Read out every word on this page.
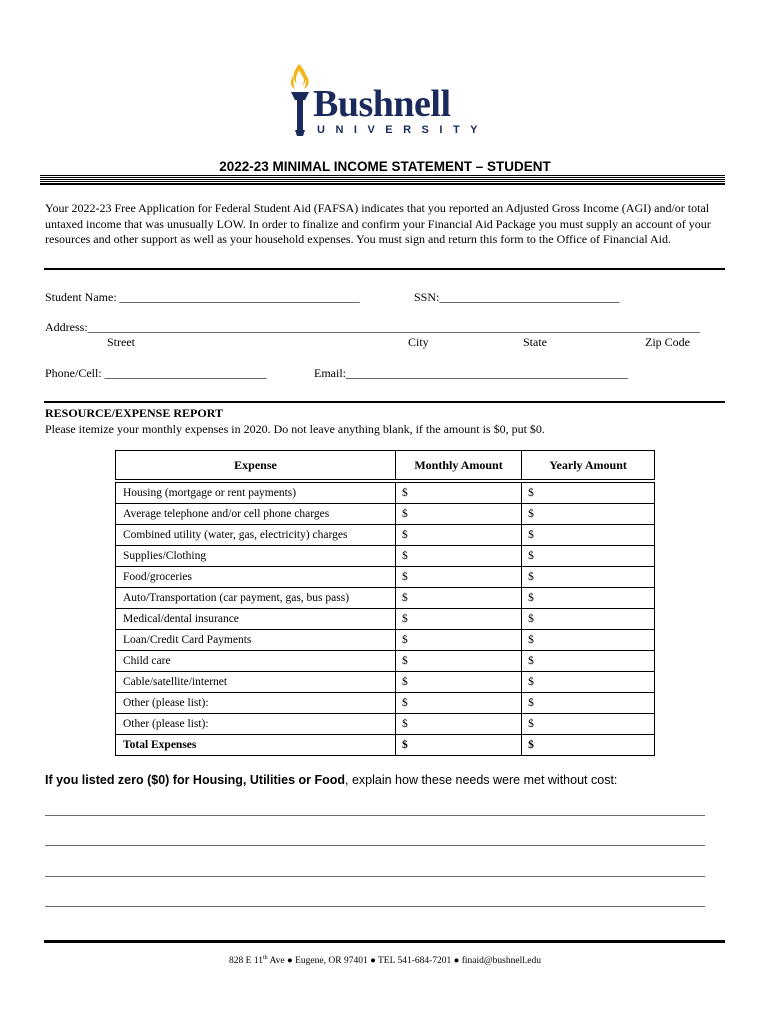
Bushnell
UNIVERSITY
2022-23 MINIMAL INCOME STATEMENT – STUDENT
Your 2022-23 Free Application for Federal Student Aid (FAFSA) indicates that you reported an Adjusted Gross Income (AGI) and/or total untaxed income that was unusually LOW. In order to finalize and confirm your Financial Aid Package you must supply an account of your resources and other support as well as your household expenses. You must sign and return this form to the Office of Financial Aid.
Student Name: ________________________________________	SSN:______________________________
Address:______________________________________________________________________________________________________
Street	City	State	Zip Code
Phone/Cell: ___________________________	Email:_______________________________________________
RESOURCE/EXPENSE REPORT
Please itemize your monthly expenses in 2020. Do not leave anything blank, if the amount is $0, put $0.
Expense	Monthly Amount	Yearly Amount
Housing (mortgage or rent payments)	$	$
Average telephone and/or cell phone charges	$	$
Combined utility (water, gas, electricity) charges	$	$
Supplies/Clothing	$	$
Food/groceries	$	$
Auto/Transportation (car payment, gas, bus pass)	$	$
Medical/dental insurance	$	$
Loan/Credit Card Payments	$	$
Child care	$	$
Cable/satellite/internet	$	$
Other (please list):	$	$
Other (please list):	$	$
Total Expenses	$	$
If you listed zero ($0) for Housing, Utilities or Food, explain how these needs were met without cost:
______________________________________________________________________________________________________________
______________________________________________________________________________________________________________
______________________________________________________________________________________________________________
______________________________________________________________________________________________________________
828 E 11th Ave ● Eugene, OR 97401 ● TEL 541-684-7201 ● finaid@bushnell.edu
